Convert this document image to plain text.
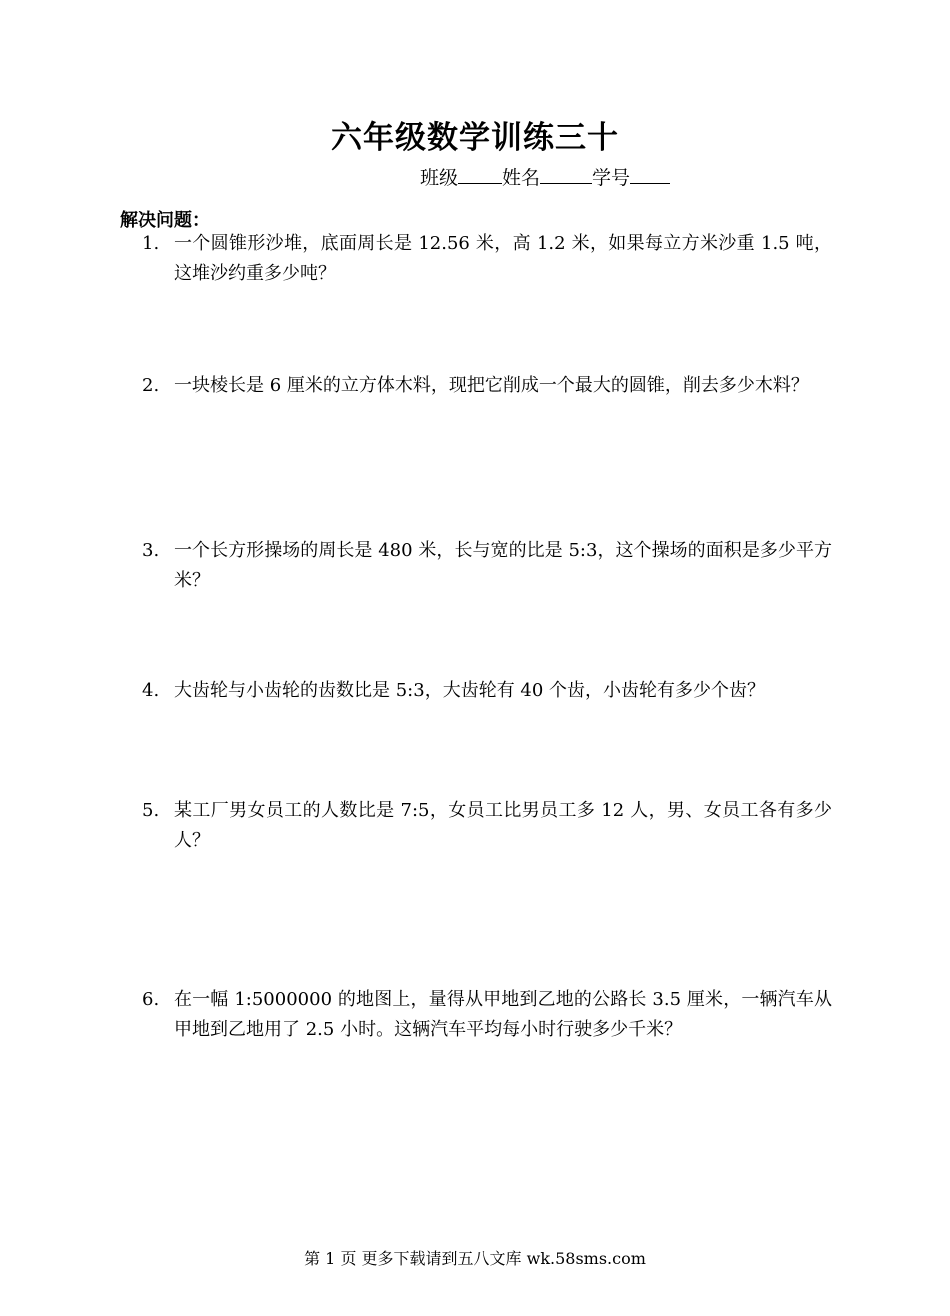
六年级数学训练三十
班级 姓名	学号
解决问题：
1. 一个圆锥形沙堆，底面周长是 12.56 米，高 1.2 米，如果每立方米沙重 1.5 吨，这堆沙约重多少吨？
2. 一块棱长是 6 厘米的立方体木料，现把它削成一个最大的圆锥，削去多少木料？
3. 一个长方形操场的周长是 480 米，长与宽的比是 5:3，这个操场的面积是多少平方米？
4. 大齿轮与小齿轮的齿数比是 5:3，大齿轮有 40 个齿，小齿轮有多少个齿？
5. 某工厂男女员工的人数比是 7:5，女员工比男员工多 12 人，男、女员工各有多少人？
6. 在一幅 1:5000000 的地图上，量得从甲地到乙地的公路长 3.5 厘米，一辆汽车从甲地到乙地用了 2.5 小时。这辆汽车平均每小时行驶多少千米？
第 1 页 更多下载请到五八文库 wk.58sms.com
